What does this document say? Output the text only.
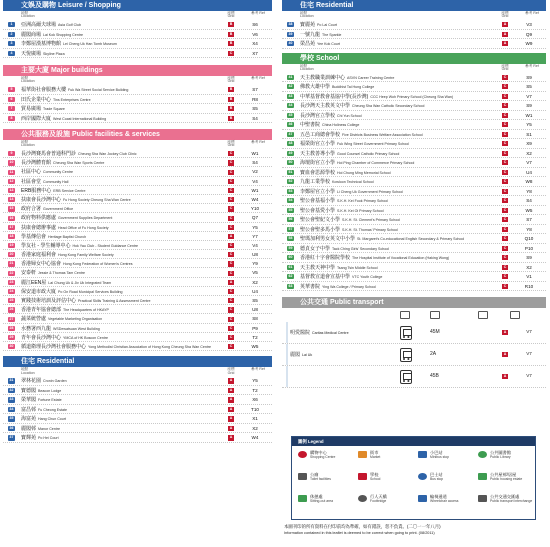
文娛及購物 Leisure / Shopping
地點 Location
座標 Grid
參考 Ref
1	亞洲高爾夫球場 Asia Golf Club	B	S6
2	麗閣商場 Lai Kok Shopping Centre	B	V6
3	李鄭屋漢墓博物館 Lei Cheng Uk Han Tomb Museum	B	X4
4	天悅廣場 Skyline Plaza	C	X7
主要大廈 Major buildings
地點 Location
座標 Grid
參考 Ref
5	福華街社會服務大樓 Fuk Wa Street Social Service Building	B	S7
6	田氏企業中心 Tins Enterprises Centre	B	R8
7	貿易廣場 Trade Square	B	S5
8	西岸國際大廈 West Coast International Building	B	S4
公共服務及設施 Public facilities & services
地點 Location
座標 Grid
參考 Ref
9	長沙灣賽馬會普通科門診 Cheung Sha Wan Jockey Club Clinic	C	W1
10	長沙灣體育館 Cheung Sha Wan Sports Centre	C	S4
11	社區中心 Community Centre	C	V2
12	社區會堂 Community Hall	C	V4
13	ERB服務中心 ERB Service Centre	C	W1
14	扶康會長沙灣中心 Fu Hong Society Cheung Sha Wan Centre	C	W4
15	政府合署 Government Office	C	Y10
16	政府物料供應處 Government Supplies Department	C	Q7
17	扶康會總辦事處 Head Office of Fu Hong Society	C	Y5
18	學基傳信會 Heritage Baptist Church	A	Y7
19	學友社 - 學生輔導中心 Hok Yau Club - Student Guidance Centre	C	V4
20	香港家庭福利會 Hong Kong Family Welfare Society	C	U8
21	香港婦女中心協會 Hong Kong Federation of Women's Centres	C	Y9
22	安泰軒 Jessie & Thomas Tam Centre	C	V5
23	麗江EEN屋 Lai Chung Uk & Jiv Uk Integrated Team	A	X2
24	保安道市政大廈 Po On Road Municipal Services Building	C	U4
25	實踐技術培訓及評估中心 Practical Skills Training & Assessment Centre	C	S5
26	香港青年協會總部 The Headquarters of HKAYP	C	U8
27	蔬菜統營處 Vegetable Marketing Organisation	C	S8
28	水務署西九龍 WSDewatsuan West Building	C	P9
29	青年會長沙灣中心 YMCA of HK Boscon Centre	C	T2
30	循道衛理長沙灣社會服務中心 Yong Methodist Christian Association of Hong Kong Cheung Sha Wan Centre	C	W5
住宅 Residential
地點 Location
座標 Grid
參考 Ref
31	翠林花園 Cronin Garden	A	Y5
32	寶德閣 Beacon Lodge	A	T2
33	榮華閣 Fortune Estate	A	X6
34	富昌邨 Fu Cheong Estate	A	T10
35	海富苑 Hang Chun Court	A	X1
36	麗閣邨 Manor Centre	A	X2
37	寶輝苑 Po Hei Court	A	W4
住宅 Residential
地點 Location
座標 Grid
參考 Ref
38	寶麗苑 Po Lai Court	A	V3
39	一號九龍 The Sparkle	A	Q9
40	榮昌苑 Yee Kok Court	A	W9
學校 School
地點 Location
座標 Grid
參考 Ref
41	天主教職業訓練中心 ASVN Career Training Centre	C	S9
42	佛教大雄中學 Buddhist Tai Hung College	C	S5
43	中華基督教會基協中學(長沙灣) CCC Heep Woh Primary School (Cheung Sha Wan)	C	V7
44	長沙灣天主教英文中學 Cheung Sha Wan Catholic Secondary School	C	S9
45	長沙灣官立學校 Chi Yun School	C	W1
46	中聖書院 China Holiness College	C	Y5
47	五邑工商總會學校 Five Districts Business Welfare Association School	C	S1
48	福榮街官立小學 Fuk Wing Street Government Primary School	C	X9
49	天主教善導小學 Good Counsel Catholic Primary School	C	X2
50	海壇街官立小學 Hoi Ping Chamber of Commerce Primary School	C	V7
51	寶血會思源學校 Hoi Chung Ming Memorial School	C	U4
52	九龍工業學校 Kowloon Technical School	C	W8
53	李鄭屋官立小學 Li Cheng Uk Government Primary School	C	Y8
54	聖公會基福小學 S.K.H. Kei Fook Primary School	C	S4
55	聖公會基愛小學 S.K.H. Kei Oi Primary School	C	W5
56	聖公會聖紀文小學 S.K.H. St. Clement's Primary School	C	S7
57	聖公會聖多馬小學 S.K.H. St. Thomas' Primary School	C	Y8
58	聖瑪加利男女英文中小學 St. Margaret's Co-educational English Secondary & Primary School	C	Q10
59	德貞女子中學 Tack Ching Girls' Secondary School	C	P10
60	香港紅十字會醫院學校 The Hospital Institute of Vocational Education (Haking Wong)	C	S9
61	天主教天神中學 Tsang Tsin Middle School	C	X2
62	基督教宣道會宣基中學 VTC Youth College	C	V1
63	英華書院 Ying Wa College / Primary School	C	R10
公共交通 Public transport
明愛醫院 Caritas Medical Centre	45M	A	V7
麗閣 Lai Uk	2A	A	V7
45B	A	V7
圖例 Legend
購物中心
Shopping Centre
街市
Market
小巴站
Minibus stop
公共圖書館
Public Library
公廁
Toilet facilities
學校
School
巴士站
Bus stop
公共屋邨/居屋
Public housing estate
休憩處
Sitting-out area
行人天橋
Footbridge
輪椅通道
Wheelchair access
公共交通交匯處
Public transport interchange
本圖刊印的所有資料在付印前均為準確，如有錯誤，恕不負責。(二〇一一年八月)
Information contained in this leaflet is deemed to be correct when going to print. (08/2011)
